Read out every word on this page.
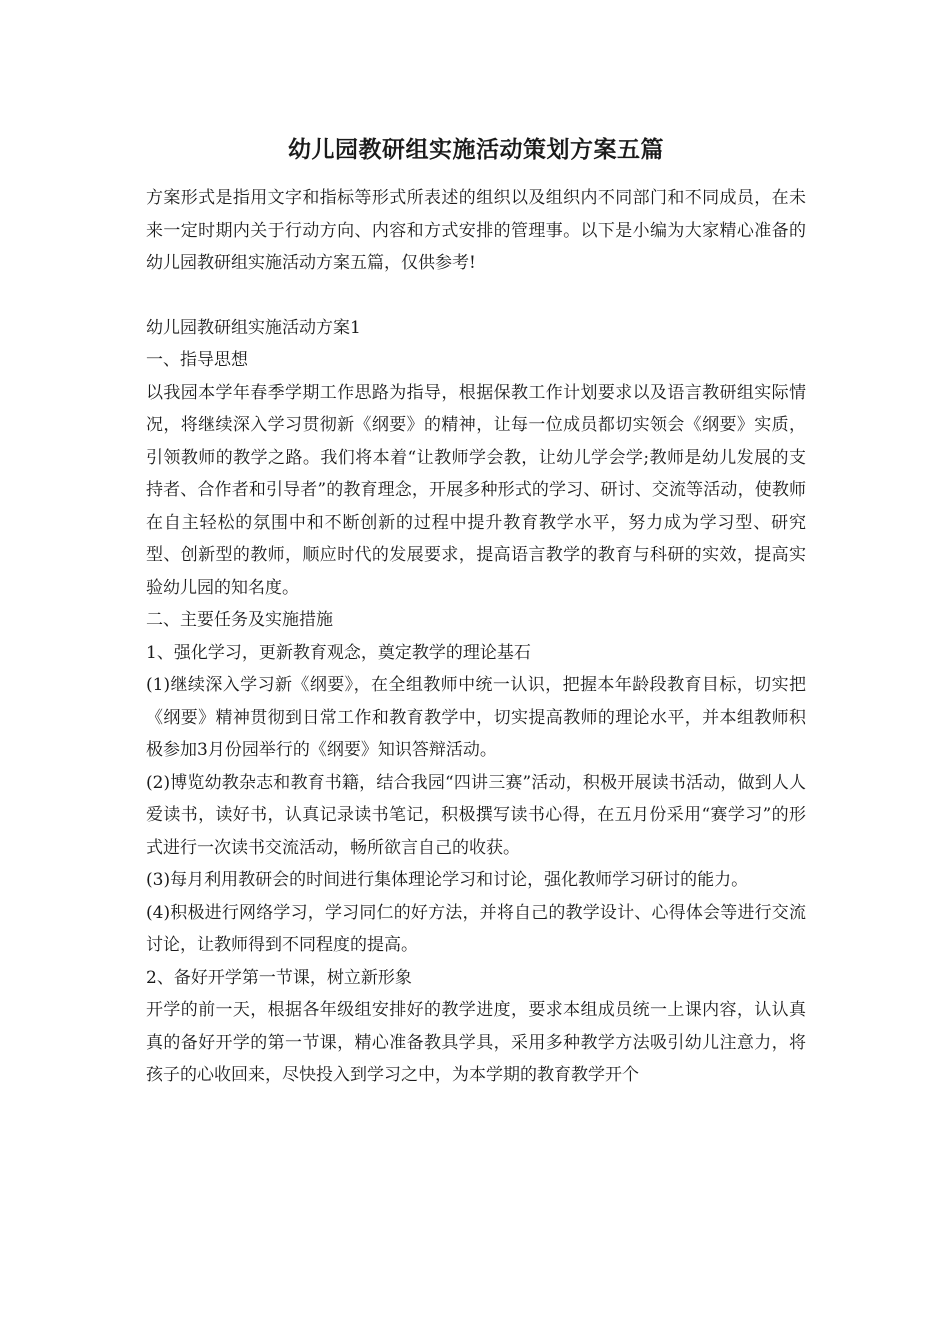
幼儿园教研组实施活动策划方案五篇

方案形式是指用文字和指标等形式所表述的组织以及组织内不同部门和不同成员，在未来一定时期内关于行动方向、内容和方式安排的管理事。以下是小编为大家精心准备的幼儿园教研组实施活动方案五篇，仅供参考!

幼儿园教研组实施活动方案1

一、指导思想

以我园本学年春季学期工作思路为指导，根据保教工作计划要求以及语言教研组实际情况，将继续深入学习贯彻新《纲要》的精神，让每一位成员都切实领会《纲要》实质，引领教师的教学之路。我们将本着“让教师学会教，让幼儿学会学;教师是幼儿发展的支持者、合作者和引导者”的教育理念，开展多种形式的学习、研讨、交流等活动，使教师在自主轻松的氛围中和不断创新的过程中提升教育教学水平，努力成为学习型、研究型、创新型的教师，顺应时代的发展要求，提高语言教学的教育与科研的实效，提高实验幼儿园的知名度。

二、主要任务及实施措施

1、强化学习，更新教育观念，奠定教学的理论基石

(1)继续深入学习新《纲要》，在全组教师中统一认识，把握本年龄段教育目标，切实把《纲要》精神贯彻到日常工作和教育教学中，切实提高教师的理论水平，并本组教师积极参加3月份园举行的《纲要》知识答辩活动。

(2)博览幼教杂志和教育书籍，结合我园“四讲三赛”活动，积极开展读书活动，做到人人爱读书，读好书，认真记录读书笔记，积极撰写读书心得，在五月份采用“赛学习”的形式进行一次读书交流活动，畅所欲言自己的收获。

(3)每月利用教研会的时间进行集体理论学习和讨论，强化教师学习研讨的能力。

(4)积极进行网络学习，学习同仁的好方法，并将自己的教学设计、心得体会等进行交流讨论，让教师得到不同程度的提高。

2、备好开学第一节课，树立新形象

开学的前一天，根据各年级组安排好的教学进度，要求本组成员统一上课内容，认认真真的备好开学的第一节课，精心准备教具学具，采用多种教学方法吸引幼儿注意力，将孩子的心收回来，尽快投入到学习之中，为本学期的教育教学开个
